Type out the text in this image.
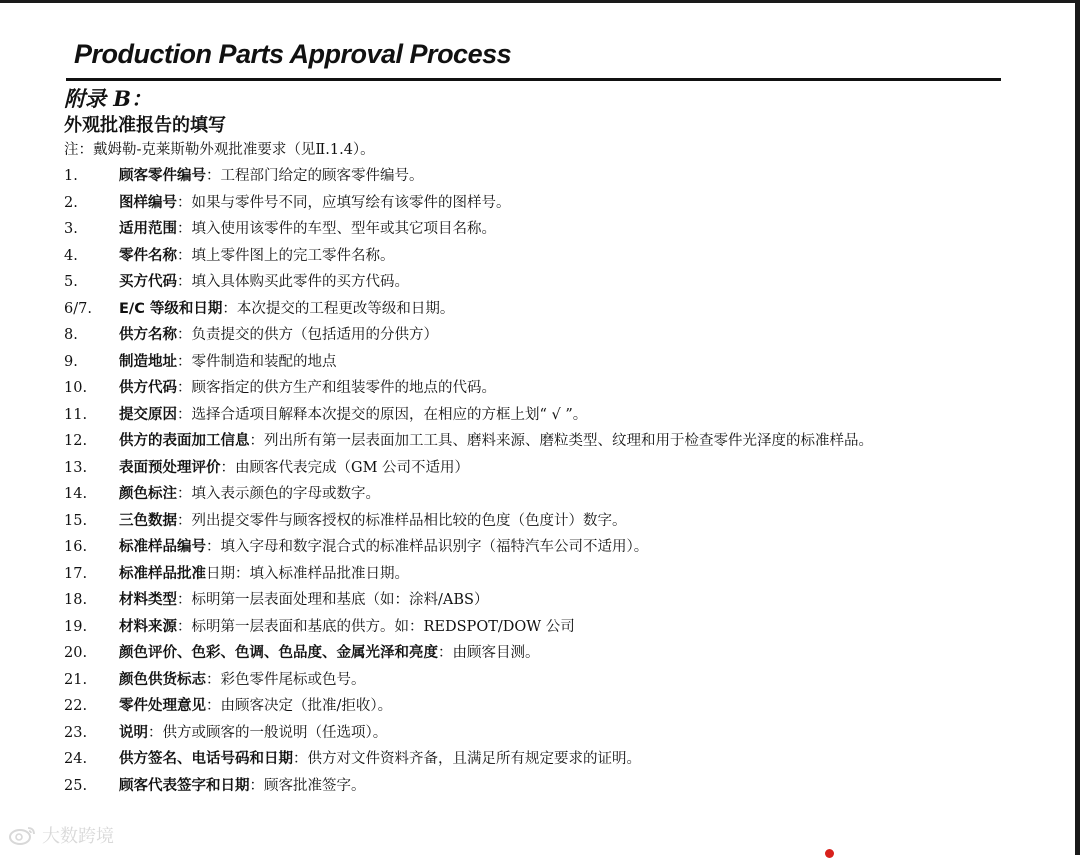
Production Parts Approval Process
附录 B：
外观批准报告的填写
注：戴姆勒-克莱斯勒外观批准要求（见Ⅱ.1.4）。
1.	顾客零件编号：工程部门给定的顾客零件编号。
2.	图样编号：如果与零件号不同，应填写绘有该零件的图样号。
3.	适用范围：填入使用该零件的车型、型年或其它项目名称。
4.	零件名称：填上零件图上的完工零件名称。
5.	买方代码：填入具体购买此零件的买方代码。
6/7.	E/C 等级和日期：本次提交的工程更改等级和日期。
8.	供方名称：负责提交的供方（包括适用的分供方）
9.	制造地址：零件制造和装配的地点
10.	供方代码：顾客指定的供方生产和组装零件的地点的代码。
11.	提交原因：选择合适项目解释本次提交的原因，在相应的方框上划“ √ ”。
12.	供方的表面加工信息：列出所有第一层表面加工工具、磨料来源、磨粒类型、纹理和用于检查零件光泽度的标准样品。
13.	表面预处理评价：由顾客代表完成（GM 公司不适用）
14.	颜色标注：填入表示颜色的字母或数字。
15.	三色数据：列出提交零件与顾客授权的标准样品相比较的色度（色度计）数字。
16.	标准样品编号：填入字母和数字混合式的标准样品识别字（福特汽车公司不适用）。
17.	标准样品批准日期：填入标准样品批准日期。
18.	材料类型：标明第一层表面处理和基底（如：涂料/ABS）
19.	材料来源：标明第一层表面和基底的供方。如：REDSPOT/DOW 公司
20.	颜色评价、色彩、色调、色品度、金属光泽和亮度：由顾客目测。
21.	颜色供货标志：彩色零件尾标或色号。
22.	零件处理意见：由顾客决定（批准/拒收）。
23.	说明：供方或顾客的一般说明（任选项）。
24.	供方签名、电话号码和日期：供方对文件资料齐备，且满足所有规定要求的证明。
25.	顾客代表签字和日期：顾客批准签字。
大数跨境
